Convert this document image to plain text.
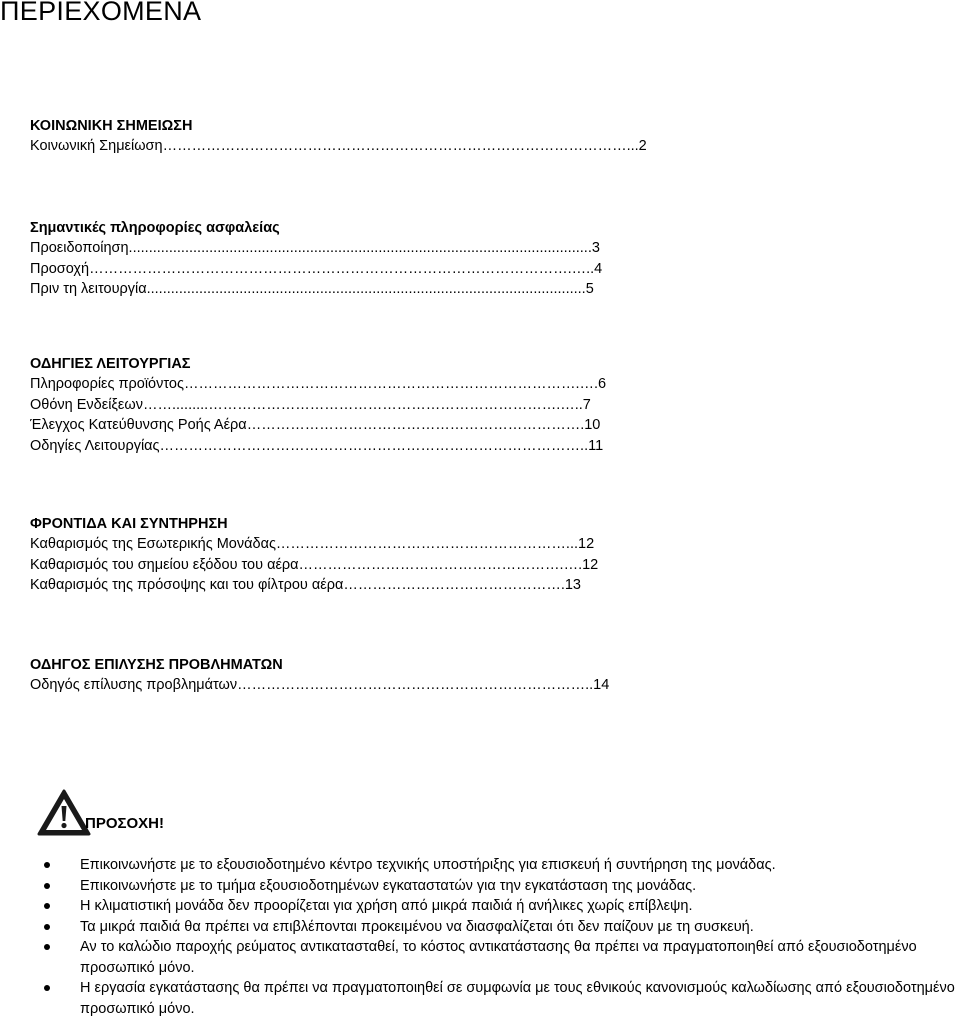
ΠΕΡΙΕΧΟΜΕΝΑ
ΚΟΙΝΩΝΙΚΗ ΣΗΜΕΙΩΣΗ
Κοινωνική Σημείωση……………………………………………………………………………………...2
Σημαντικές πληροφορίες ασφαλείας
Προειδοποίηση...................................................................................................................3
Προσοχή……………………………………………………………………………………….…..4
Πριν τη λειτουργία.............................................................................................................5
ΟΔΗΓΙΕΣ ΛΕΙΤΟΥΡΓΙΑΣ
Πληροφορίες προϊόντος……………………………………………………………………….….6
Οθόνη Ενδείξεων…….........……………………………………………………………….…..7
Έλεγχος Κατεύθυνσης Ροής Αέρα…………………………………………………………….10
Οδηγίες Λειτουργίας……………………………………………………………………………..11
ΦΡΟΝΤΙΔΑ ΚΑΙ ΣΥΝΤΗΡΗΣΗ
Καθαρισμός της Εσωτερικής Μονάδας……………………………………………………...12
Καθαρισμός του σημείου εξόδου του αέρα……………………………………………….….12
Καθαρισμός της πρόσοψης και του φίλτρου αέρα……………………………………….13
ΟΔΗΓΟΣ ΕΠΙΛΥΣΗΣ ΠΡΟΒΛΗΜΑΤΩΝ
Οδηγός επίλυσης προβλημάτων………………………………………………………………..14
ΠΡΟΣΟΧΗ!
Επικοινωνήστε με το εξουσιοδοτημένο κέντρο τεχνικής υποστήριξης για επισκευή ή συντήρηση της μονάδας.
Επικοινωνήστε με το τμήμα εξουσιοδοτημένων εγκαταστατών για την εγκατάσταση της μονάδας.
Η κλιματιστική μονάδα δεν προορίζεται για χρήση από μικρά παιδιά ή ανήλικες χωρίς επίβλεψη.
Τα μικρά παιδιά θα πρέπει να επιβλέπονται προκειμένου να διασφαλίζεται ότι δεν παίζουν με τη συσκευή.
Αν το καλώδιο παροχής ρεύματος αντικατασταθεί, το κόστος αντικατάστασης θα πρέπει να πραγματοποιηθεί από εξουσιοδοτημένο προσωπικό μόνο.
Η εργασία εγκατάστασης θα πρέπει να πραγματοποιηθεί σε συμφωνία με τους εθνικούς κανονισμούς καλωδίωσης από εξουσιοδοτημένο προσωπικό μόνο.
